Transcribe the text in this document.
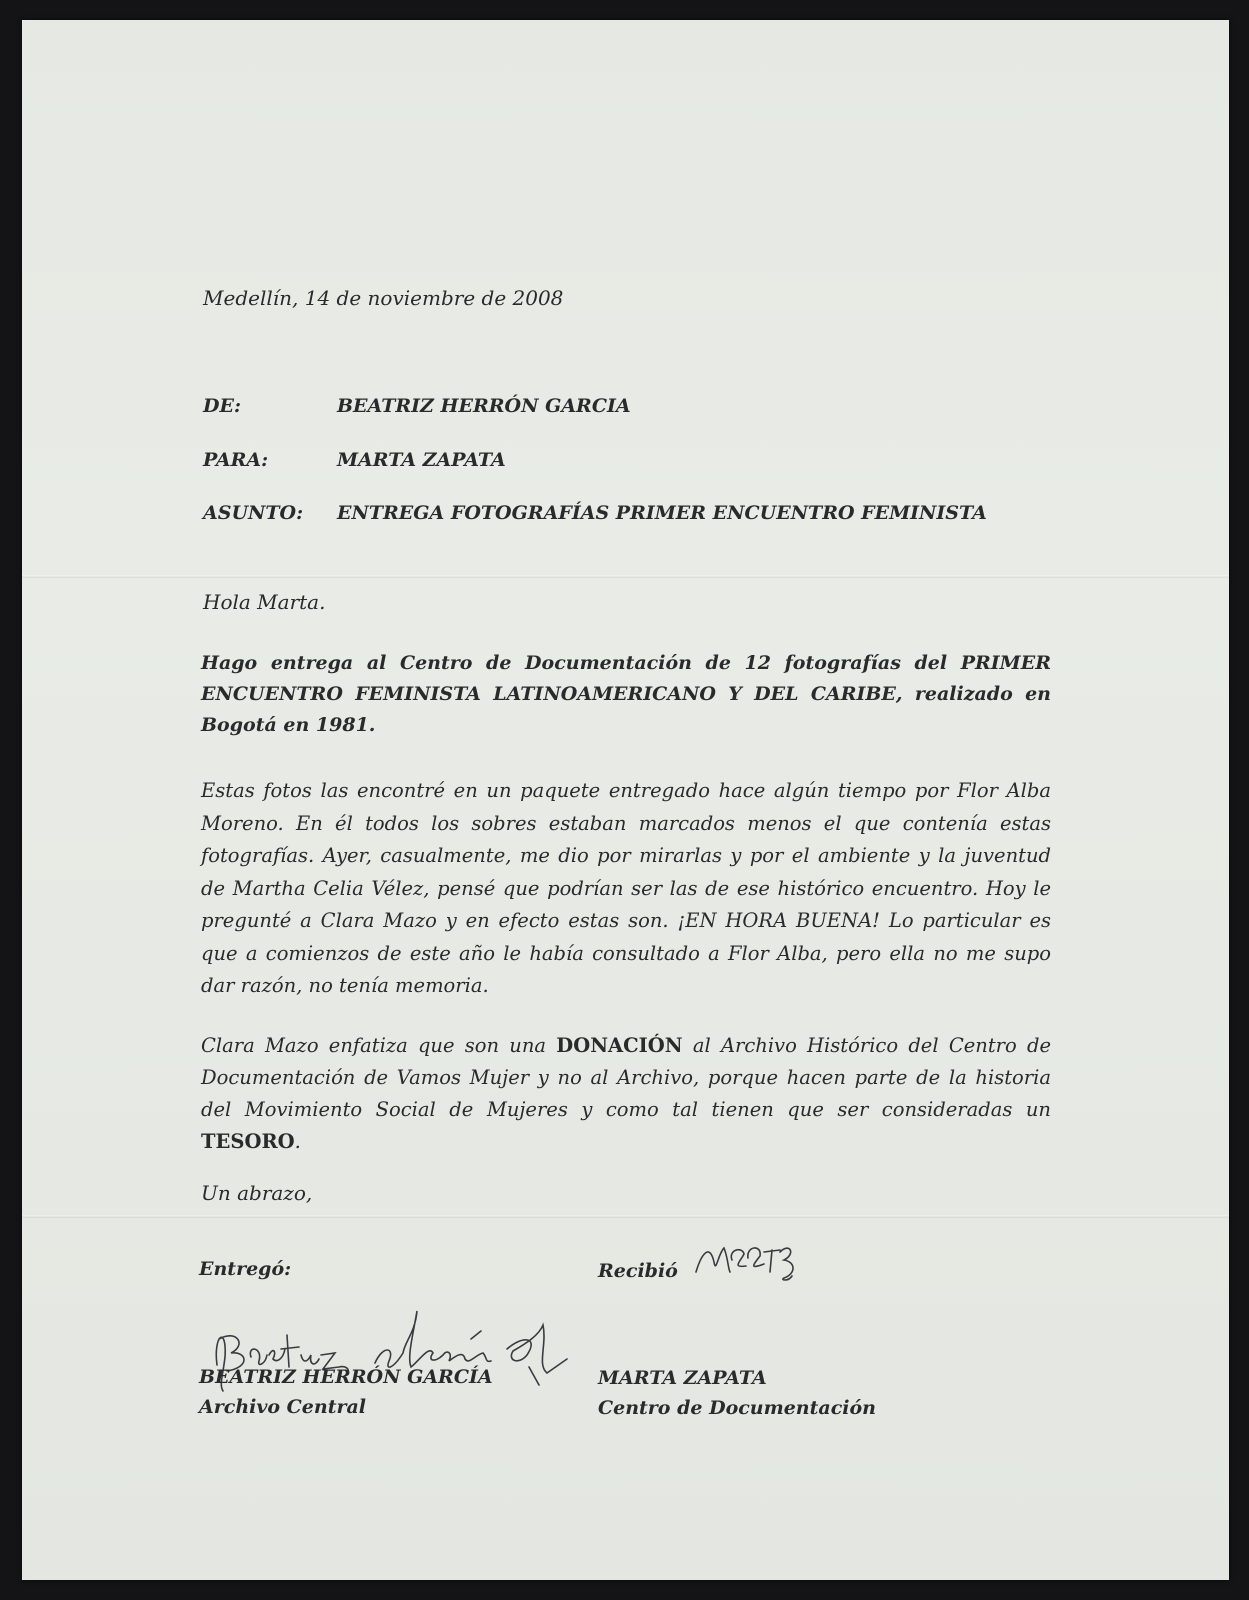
Medellín, 14 de noviembre de 2008

DE:	BEATRIZ HERRÓN GARCIA

PARA:	MARTA ZAPATA

ASUNTO: ENTREGA FOTOGRAFÍAS PRIMER ENCUENTRO FEMINISTA

Hola Marta.

Hago entrega al Centro de Documentación de 12 fotografías del PRIMER ENCUENTRO FEMINISTA LATINOAMERICANO Y DEL CARIBE, realizado en Bogotá en 1981.

Estas fotos las encontré en un paquete entregado hace algún tiempo por Flor Alba Moreno. En él todos los sobres estaban marcados menos el que contenía estas fotografías. Ayer, casualmente, me dio por mirarlas y por el ambiente y la juventud de Martha Celia Vélez, pensé que podrían ser las de ese histórico encuentro. Hoy le pregunté a Clara Mazo y en efecto estas son. ¡EN HORA BUENA! Lo particular es que a comienzos de este año le había consultado a Flor Alba, pero ella no me supo dar razón, no tenía memoria.

Clara Mazo enfatiza que son una DONACIÓN al Archivo Histórico del Centro de Documentación de Vamos Mujer y no al Archivo, porque hacen parte de la historia del Movimiento Social de Mujeres y como tal tienen que ser consideradas un TESORO.

Un abrazo,

Entregó:	Recibió

BEATRIZ HERRÓN GARCÍA

Archivo Central

MARTA ZAPATA

Centro de Documentación
